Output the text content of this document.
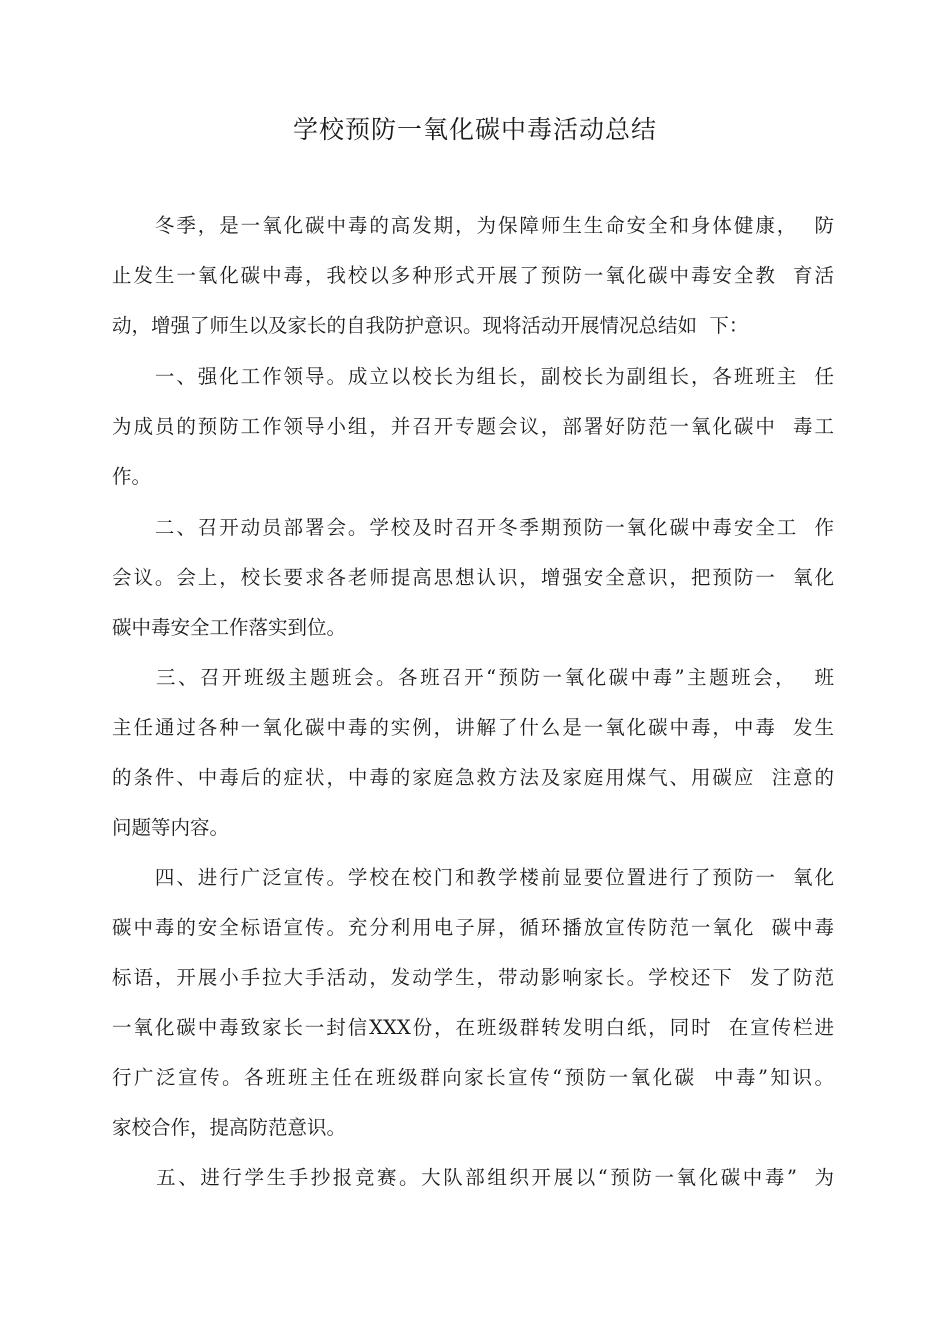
学校预防一氧化碳中毒活动总结

　　冬季，是一氧化碳中毒的高发期，为保障师生生命安全和身体健康，  防

止发生一氧化碳中毒，我校以多种形式开展了预防一氧化碳中毒安全教  育活

动，增强了师生以及家长的自我防护意识。现将活动开展情况总结如  下：

　　一、强化工作领导。成立以校长为组长，副校长为副组长，各班班主  任

为成员的预防工作领导小组，并召开专题会议，部署好防范一氧化碳中  毒工

作。

　　二、召开动员部署会。学校及时召开冬季期预防一氧化碳中毒安全工  作

会议。会上，校长要求各老师提高思想认识，增强安全意识，把预防一  氧化

碳中毒安全工作落实到位。

　　三、召开班级主题班会。各班召开“预防一氧化碳中毒”主题班会，  班

主任通过各种一氧化碳中毒的实例，讲解了什么是一氧化碳中毒，中毒  发生

的条件、中毒后的症状，中毒的家庭急救方法及家庭用煤气、用碳应  注意的

问题等内容。

　　四、进行广泛宣传。学校在校门和教学楼前显要位置进行了预防一  氧化

碳中毒的安全标语宣传。充分利用电子屏，循环播放宣传防范一氧化  碳中毒

标语，开展小手拉大手活动，发动学生，带动影响家长。学校还下  发了防范

一氧化碳中毒致家长一封信XXX份，在班级群转发明白纸，同时  在宣传栏进

行广泛宣传。各班班主任在班级群向家长宣传“预防一氧化碳  中毒”知识。

家校合作，提高防范意识。

　　五、进行学生手抄报竞赛。大队部组织开展以“预防一氧化碳中毒”  为
